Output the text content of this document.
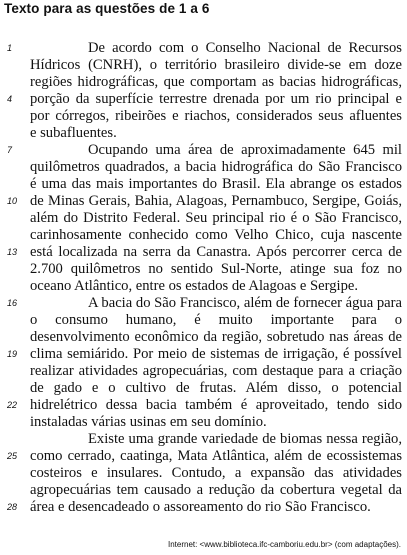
Texto para as questões de 1 a 6
1
4
7
10
13
16
19
22
25
28
De acordo com o Conselho Nacional de Recursos
Hídricos (CNRH), o território brasileiro divide-se em doze
regiões hidrográficas, que comportam as bacias hidrográficas,
porção da superfície terrestre drenada por um rio principal e
por córregos, ribeirões e riachos, considerados seus afluentes
e subafluentes.
Ocupando uma área de aproximadamente 645 mil
quilômetros quadrados, a bacia hidrográfica do São Francisco
é uma das mais importantes do Brasil. Ela abrange os estados
de Minas Gerais, Bahia, Alagoas, Pernambuco, Sergipe, Goiás,
além do Distrito Federal. Seu principal rio é o São Francisco,
carinhosamente conhecido como Velho Chico, cuja nascente
está localizada na serra da Canastra. Após percorrer cerca de
2.700 quilômetros no sentido Sul-Norte, atinge sua foz no
oceano Atlântico, entre os estados de Alagoas e Sergipe.
A bacia do São Francisco, além de fornecer água para
o consumo humano, é muito importante para o
desenvolvimento econômico da região, sobretudo nas áreas de
clima semiárido. Por meio de sistemas de irrigação, é possível
realizar atividades agropecuárias, com destaque para a criação
de gado e o cultivo de frutas. Além disso, o potencial
hidrelétrico dessa bacia também é aproveitado, tendo sido
instaladas várias usinas em seu domínio.
Existe uma grande variedade de biomas nessa região,
como cerrado, caatinga, Mata Atlântica, além de ecossistemas
costeiros e insulares. Contudo, a expansão das atividades
agropecuárias tem causado a redução da cobertura vegetal da
área e desencadeado o assoreamento do rio São Francisco.
Internet: <www.biblioteca.ifc-camboriu.edu.br> (com adaptações).
